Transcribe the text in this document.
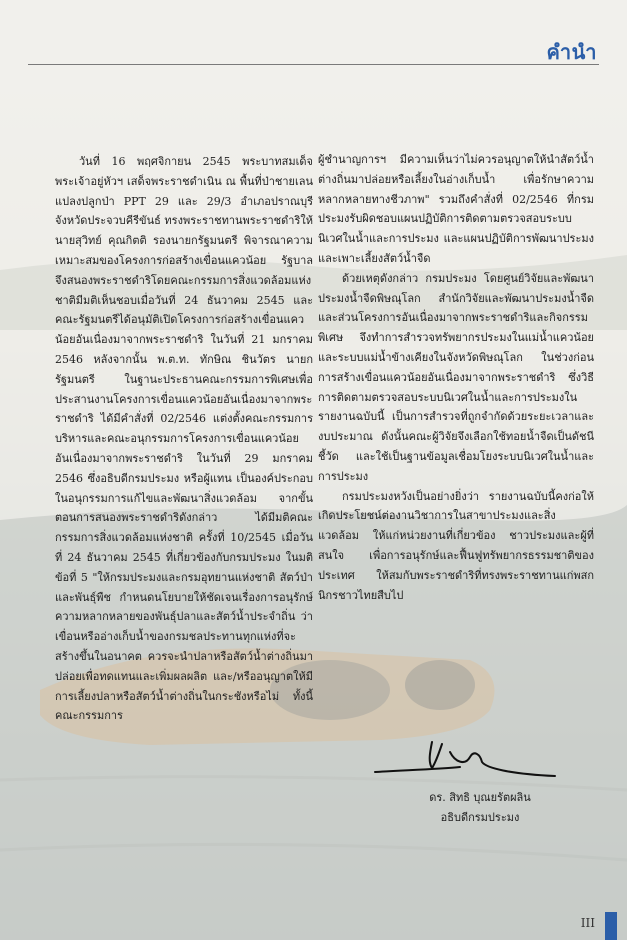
คำนำ

วันที่ 16 พฤศจิกายน 2545 พระบาทสมเด็จพระเจ้าอยู่หัวฯ เสด็จพระราชดำเนิน ณ พื้นที่ป่าชายเลนแปลงปลูกป่า PPT 29 และ 29/3 อำเภอปราณบุรี จังหวัดประจวบคีรีขันธ์ ทรงพระราชทานพระราชดำริให้นายสุวิทย์ คุณกิตติ รองนายกรัฐมนตรี พิจารณาความเหมาะสมของโครงการก่อสร้างเขื่อนแควน้อย รัฐบาลจึงสนองพระราชดำริโดยคณะกรรมการสิ่งแวดล้อมแห่งชาติมีมติเห็นชอบเมื่อวันที่ 24 ธันวาคม 2545 และคณะรัฐมนตรีได้อนุมัติเปิดโครงการก่อสร้างเขื่อนแควน้อยอันเนื่องมาจากพระราชดำริ ในวันที่ 21 มกราคม 2546 หลังจากนั้น พ.ต.ท. ทักษิณ ชินวัตร นายกรัฐมนตรี ในฐานะประธานคณะกรรมการพิเศษเพื่อประสานงานโครงการเขื่อนแควน้อยอันเนื่องมาจากพระราชดำริ ได้มีคำสั่งที่ 02/2546 แต่งตั้งคณะกรรมการบริหารและคณะอนุกรรมการโครงการเขื่อนแควน้อยอันเนื่องมาจากพระราชดำริ ในวันที่ 29 มกราคม 2546 ซึ่งอธิบดีกรมประมง หรือผู้แทน เป็นองค์ประกอบในอนุกรรมการแก้ไขและพัฒนาสิ่งแวดล้อม จากขั้นตอนการสนองพระราชดำริดังกล่าว ได้มีมติคณะกรรมการสิ่งแวดล้อมแห่งชาติ ครั้งที่ 10/2545 เมื่อวันที่ 24 ธันวาคม 2545 ที่เกี่ยวข้องกับกรมประมง ในมติข้อที่ 5 "ให้กรมประมงและกรมอุทยานแห่งชาติ สัตว์ป่าและพันธุ์พืช กำหนดนโยบายให้ชัดเจนเรื่องการอนุรักษ์ความหลากหลายของพันธุ์ปลาและสัตว์น้ำประจำถิ่น ว่าเขื่อนหรืออ่างเก็บน้ำของกรมชลประทานทุกแห่งที่จะสร้างขึ้นในอนาคต ควรจะนำปลาหรือสัตว์น้ำต่างถิ่นมาปล่อยเพื่อทดแทนและเพิ่มผลผลิต และ/หรืออนุญาตให้มีการเลี้ยงปลาหรือสัตว์น้ำต่างถิ่นในกระชังหรือไม่ ทั้งนี้ คณะกรรมการ

ผู้ชำนาญการฯ มีความเห็นว่าไม่ควรอนุญาตให้นำสัตว์น้ำต่างถิ่นมาปล่อยหรือเลี้ยงในอ่างเก็บน้ำ เพื่อรักษาความหลากหลายทางชีวภาพ" รวมถึงคำสั่งที่ 02/2546 ที่กรมประมงรับผิดชอบแผนปฏิบัติการติดตามตรวจสอบระบบนิเวศในน้ำและการประมง และแผนปฏิบัติการพัฒนาประมงและเพาะเลี้ยงสัตว์น้ำจืด

ด้วยเหตุดังกล่าว กรมประมง โดยศูนย์วิจัยและพัฒนาประมงน้ำจืดพิษณุโลก สำนักวิจัยและพัฒนาประมงน้ำจืด และส่วนโครงการอันเนื่องมาจากพระราชดำริและกิจกรรมพิเศษ จึงทำการสำรวจทรัพยากรประมงในแม่น้ำแควน้อย และระบบแม่น้ำข้างเคียงในจังหวัดพิษณุโลก ในช่วงก่อนการสร้างเขื่อนแควน้อยอันเนื่องมาจากพระราชดำริ ซึ่งวิธีการติดตามตรวจสอบระบบนิเวศในน้ำและการประมงในรายงานฉบับนี้ เป็นการสำรวจที่ถูกจำกัดด้วยระยะเวลาและงบประมาณ ดังนั้นคณะผู้วิจัยจึงเลือกใช้ทอยน้ำจืดเป็นดัชนีชี้วัด และใช้เป็นฐานข้อมูลเชื่อมโยงระบบนิเวศในน้ำและการประมง

กรมประมงหวังเป็นอย่างยิ่งว่า รายงานฉบับนี้คงก่อให้เกิดประโยชน์ต่องานวิชาการในสาขาประมงและสิ่งแวดล้อม ให้แก่หน่วยงานที่เกี่ยวข้อง ชาวประมงและผู้ที่สนใจ เพื่อการอนุรักษ์และฟื้นฟูทรัพยากรธรรมชาติของประเทศ ให้สมกับพระราชดำริที่ทรงพระราชทานแก่พสกนิกรชาวไทยสืบไป

ดร. สิทธิ บุณยรัตผลิน
อธิบดีกรมประมง
III
